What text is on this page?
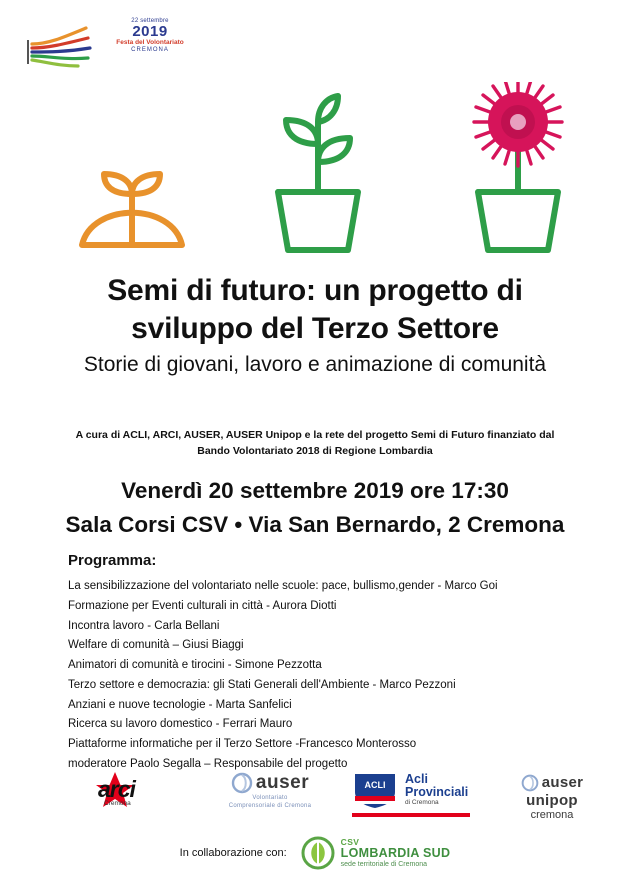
22 settembre
2019
Festa del Volontariato
CREMONA
Semi di futuro: un progetto di
sviluppo del Terzo Settore
Storie di giovani, lavoro e animazione di comunità
A cura di ACLI, ARCI, AUSER, AUSER Unipop e la rete del progetto Semi di Futuro finanziato dal
Bando Volontariato 2018 di Regione Lombardia
Venerdì 20 settembre 2019 ore 17:30
Sala Corsi CSV • Via San Bernardo, 2 Cremona
Programma:
La sensibilizzazione del volontariato nelle scuole: pace, bullismo,gender - Marco Goi
Formazione per Eventi culturali in città - Aurora Diotti
Incontra lavoro - Carla Bellani
Welfare di comunità – Giusi Biaggi
Animatori di comunità e tirocini - Simone Pezzotta
Terzo settore e democrazia: gli Stati Generali dell'Ambiente - Marco Pezzoni
Anziani e nuove tecnologie - Marta Sanfelici
Ricerca su lavoro domestico - Ferrari Mauro
Piattaforme informatiche per il Terzo Settore -Francesco Monterosso
moderatore Paolo Segalla – Responsabile del progetto
arci
Cremona
auser
Volontariato
Comprensoriale di Cremona
ACLI Acli
Provinciali
di Cremona
auser
unipop
cremona
In collaborazione con:
CSV
LOMBARDIA SUD
sede territoriale di Cremona
